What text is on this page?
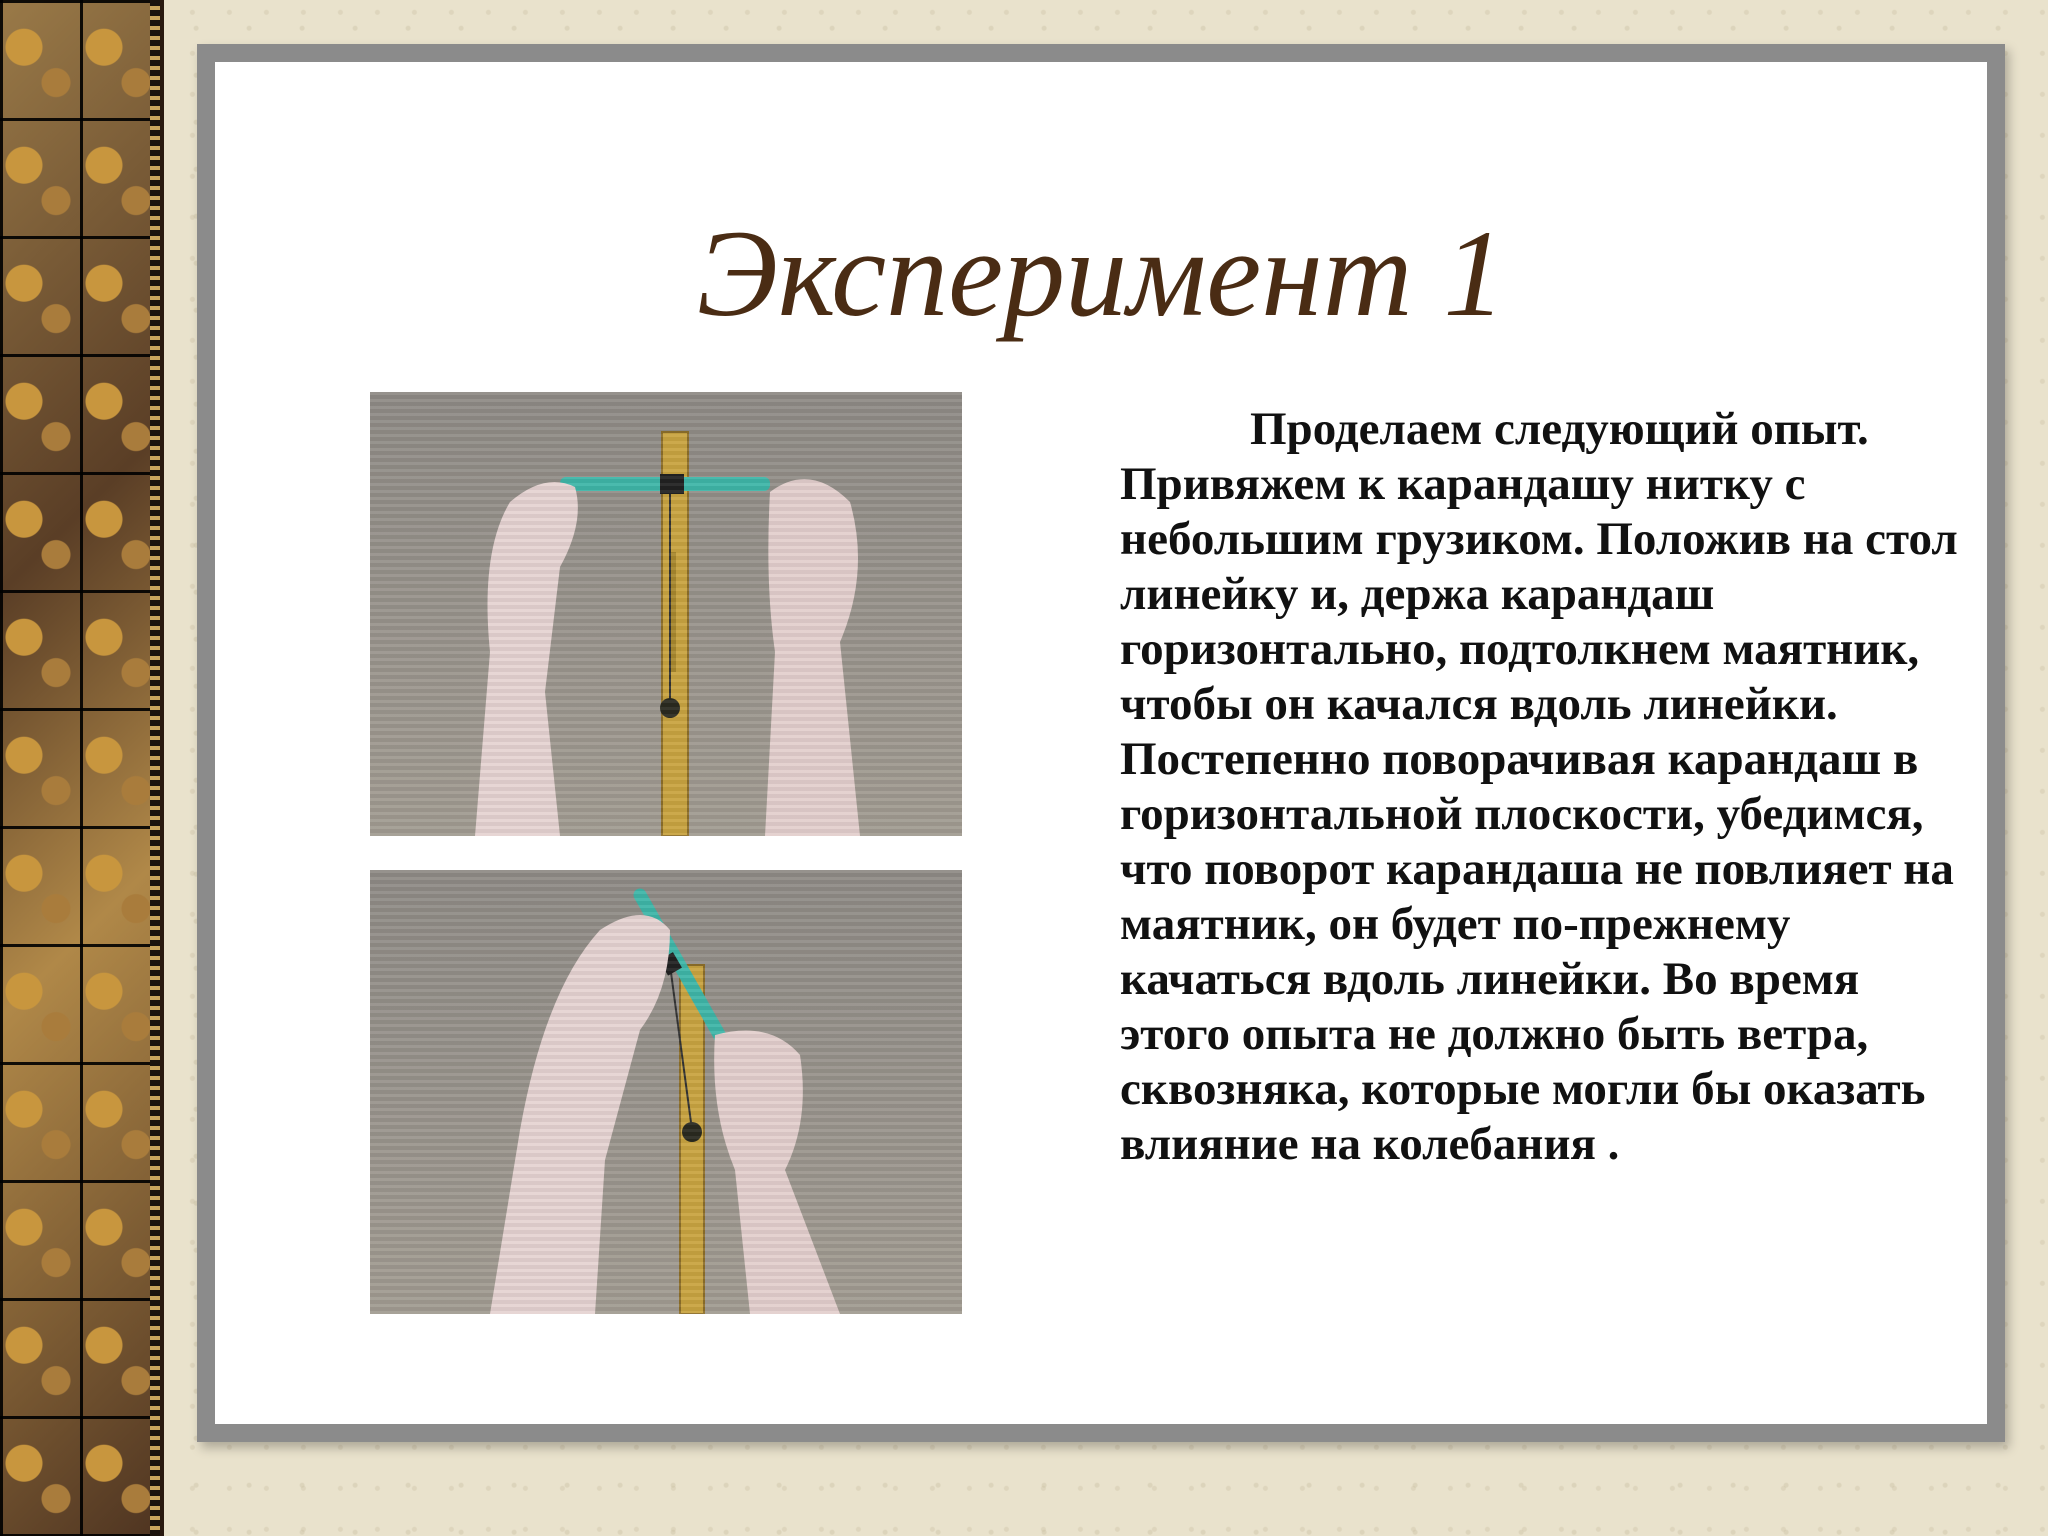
Эксперимент 1
Проделаем следующий опыт. Привяжем к карандашу нитку с небольшим грузиком. Положив на стол линейку и, держа карандаш горизонтально, подтолкнем маятник, чтобы он качался вдоль линейки. Постепенно поворачивая карандаш в горизонтальной плоскости, убедимся, что поворот карандаша не повлияет на маятник, он будет по-прежнему качаться вдоль линейки. Во время этого опыта не должно быть ветра, сквозняка, которые могли бы оказать влияние на колебания .
